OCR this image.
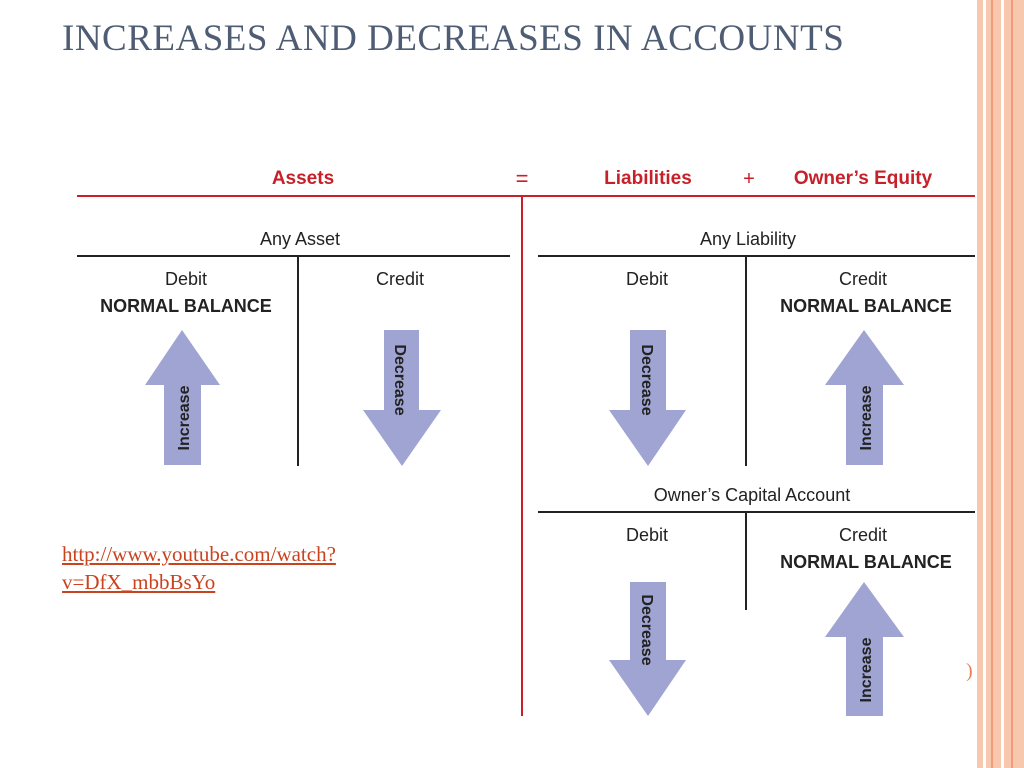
INCREASES AND DECREASES IN ACCOUNTS
Assets	=	Liabilities	+ Owner’s Equity
Any Asset
Debit
NORMAL BALANCE
Credit
Increase
Decrease
Any Liability
Debit	Credit
NORMAL BALANCE
Decrease
Increase
Owner’s Capital Account
Debit	Credit
NORMAL BALANCE
Decrease
Increase
http://www.youtube.com/watch?
v=DfX_mbbBsYo
)
